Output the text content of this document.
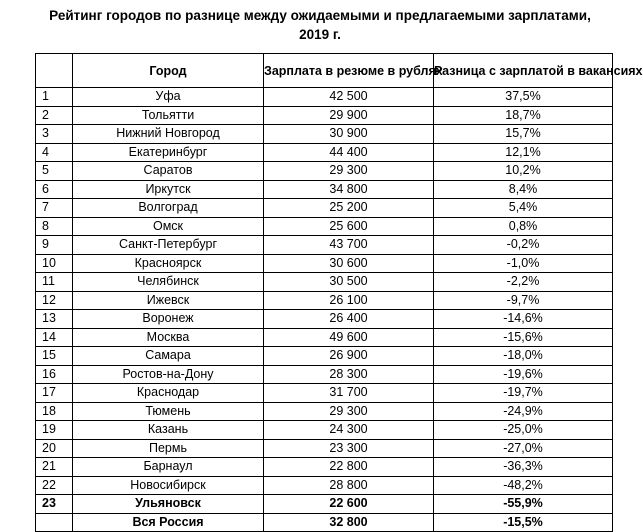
Рейтинг городов по разнице между ожидаемыми и предлагаемыми зарплатами,
2019 г.
	Город	Зарплата в резюме в рублях	Разница с зарплатой в вакансиях
1	Уфа	42 500	37,5%
2	Тольятти	29 900	18,7%
3	Нижний Новгород	30 900	15,7%
4	Екатеринбург	44 400	12,1%
5	Саратов	29 300	10,2%
6	Иркутск	34 800	8,4%
7	Волгоград	25 200	5,4%
8	Омск	25 600	0,8%
9	Санкт-Петербург	43 700	-0,2%
10	Красноярск	30 600	-1,0%
11	Челябинск	30 500	-2,2%
12	Ижевск	26 100	-9,7%
13	Воронеж	26 400	-14,6%
14	Москва	49 600	-15,6%
15	Самара	26 900	-18,0%
16	Ростов-на-Дону	28 300	-19,6%
17	Краснодар	31 700	-19,7%
18	Тюмень	29 300	-24,9%
19	Казань	24 300	-25,0%
20	Пермь	23 300	-27,0%
21	Барнаул	22 800	-36,3%
22	Новосибирск	28 800	-48,2%
23	Ульяновск	22 600	-55,9%
	Вся Россия	32 800	-15,5%
